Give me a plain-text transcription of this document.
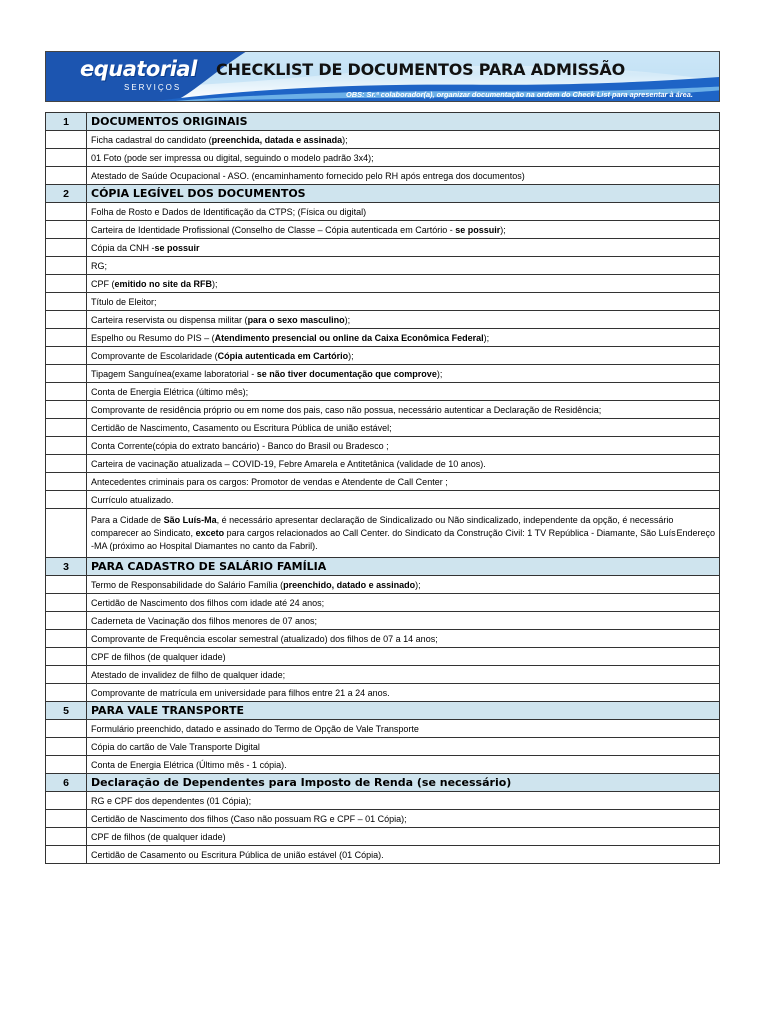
equatorial
SERVIÇOS
CHECKLIST DE DOCUMENTOS PARA ADMISSÃO
OBS: Sr.ª colaborador(a), organizar documentação na ordem do Check List para apresentar à área.
1	DOCUMENTOS ORIGINAIS
	Ficha cadastral do candidato (preenchida, datada e assinada);
	01 Foto (pode ser impressa ou digital, seguindo o modelo padrão 3x4);
	Atestado de Saúde Ocupacional - ASO. (encaminhamento fornecido pelo RH após entrega dos documentos)
2	CÓPIA LEGÍVEL DOS DOCUMENTOS
	Folha de Rosto e Dados de Identificação da CTPS; (Física ou digital)
	Carteira de Identidade Profissional (Conselho de Classe – Cópia autenticada em Cartório - se possuir);
	Cópia da CNH -se possuir
	RG;
	CPF (emitido no site da RFB);
	Título de Eleitor;
	Carteira reservista ou dispensa militar (para o sexo masculino);
	Espelho ou Resumo do PIS – (Atendimento presencial ou online da Caixa Econômica Federal);
	Comprovante de Escolaridade (Cópia autenticada em Cartório);
	Tipagem Sanguínea(exame laboratorial - se não tiver documentação que comprove);
	Conta de Energia Elétrica (último mês);
	Comprovante de residência próprio ou em nome dos pais, caso não possua, necessário autenticar a Declaração de Residência;
	Certidão de Nascimento, Casamento ou Escritura Pública de união estável;
	Conta Corrente(cópia do extrato bancário) - Banco do Brasil ou Bradesco ;
	Carteira de vacinação atualizada – COVID-19, Febre Amarela e Antitetânica (validade de 10 anos).
	Antecedentes criminais para os cargos: Promotor de vendas e Atendente de Call Center ;
	Currículo atualizado.
	Para a Cidade de São Luís-Ma, é necessário apresentar declaração de Sindicalizado ou Não sindicalizado, independente da opção, é necessário comparecer ao Sindicato, exceto para cargos relacionados ao Call Center. Endereço
do Sindicato da Construção Civil: 1 TV República - Diamante, São Luís -MA (próximo ao Hospital Diamantes no canto da Fabril).
3	PARA CADASTRO DE SALÁRIO FAMÍLIA
	Termo de Responsabilidade do Salário Família (preenchido, datado e assinado);
	Certidão de Nascimento dos filhos com idade até 24 anos;
	Caderneta de Vacinação dos filhos menores de 07 anos;
	Comprovante de Frequência escolar semestral (atualizado) dos filhos de 07 a 14 anos;
	CPF de filhos (de qualquer idade)
	Atestado de invalidez de filho de qualquer idade;
	Comprovante de matrícula em universidade para filhos entre 21 a 24 anos.
5	PARA VALE TRANSPORTE
	Formulário preenchido, datado e assinado do Termo de Opção de Vale Transporte
	Cópia do cartão de Vale Transporte Digital
	Conta de Energia Elétrica (Último mês - 1 cópia).
6	Declaração de Dependentes para Imposto de Renda (se necessário)
	RG e CPF dos dependentes (01 Cópia);
	Certidão de Nascimento dos filhos (Caso não possuam RG e CPF – 01 Cópia);
	CPF de filhos (de qualquer idade)
	Certidão de Casamento ou Escritura Pública de união estável (01 Cópia).
